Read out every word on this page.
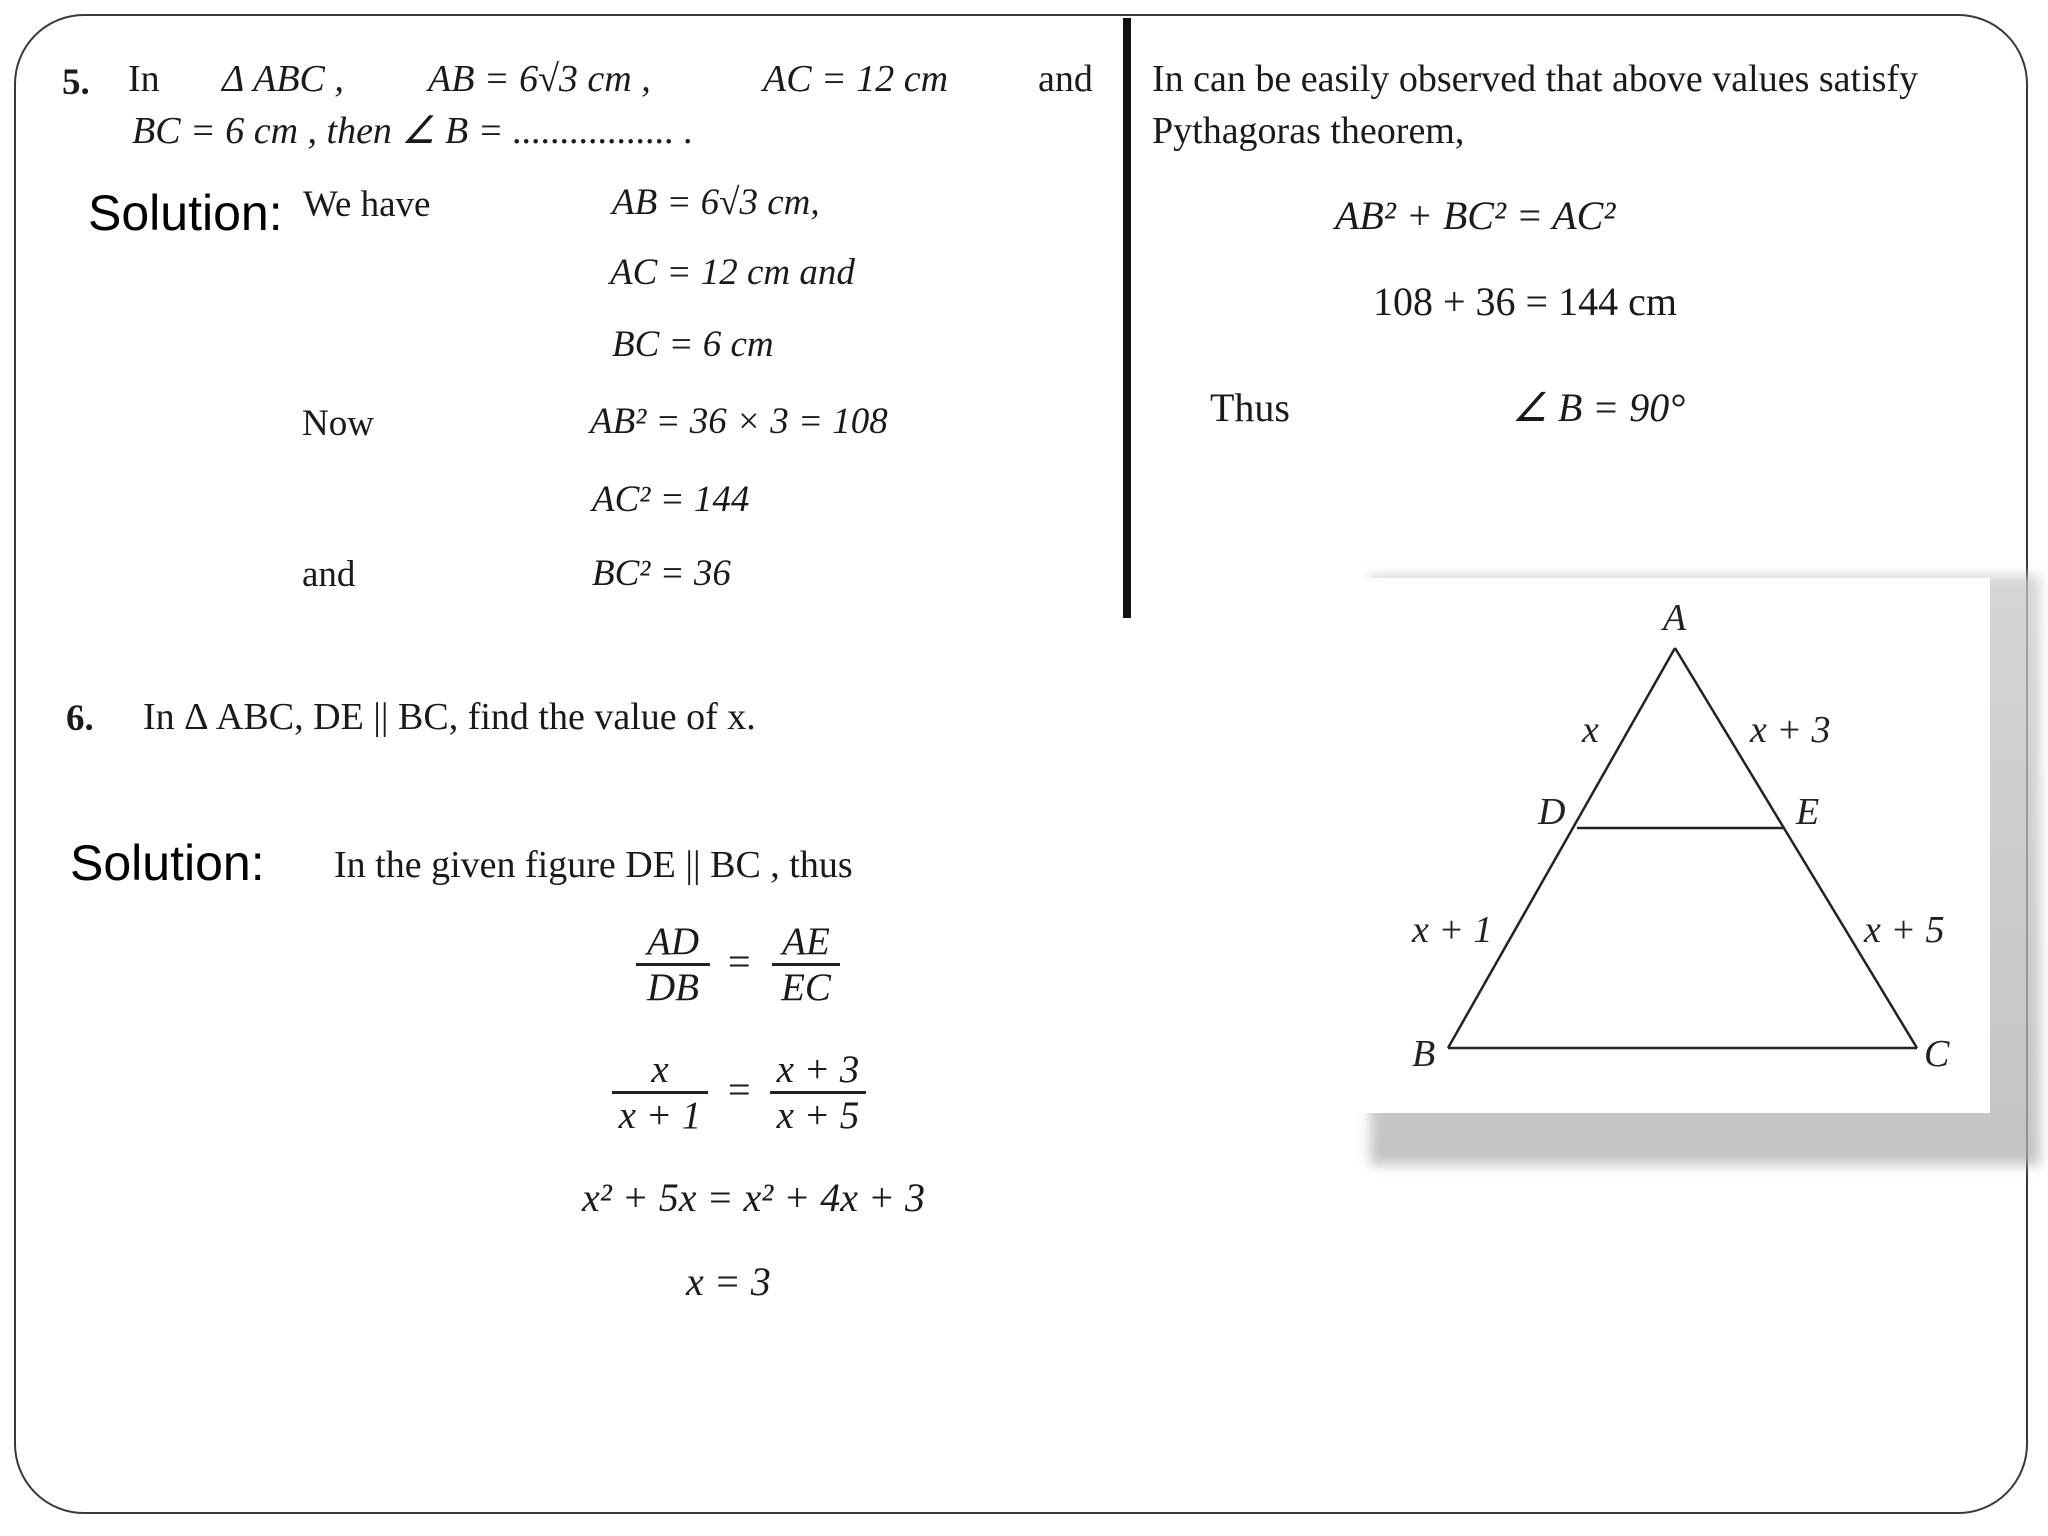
5. In Δ ABC , AB = 6√3 cm ,	AC = 12 cm and
BC = 6 cm , then ∠ B = ................. .
Solution: We have	AB = 6√3 cm,
AC = 12 cm and
BC = 6 cm
Now	AB² = 36 × 3 = 108
AC² = 144
and	BC² = 36
In can be easily observed that above values satisfy
Pythagoras theorem,
AB² + BC² = AC²
108 + 36 = 144 cm
Thus	∠ B = 90°
6. In Δ ABC, DE || BC, find the value of x.
Solution: In the given figure DE || BC , thus
AD
DB
= AE
EC
x
x + 1
= x + 3
x + 5
x² + 5x = x² + 4x + 3
x = 3
A
B	C
D	E
x	x + 3
x + 1	x + 5
